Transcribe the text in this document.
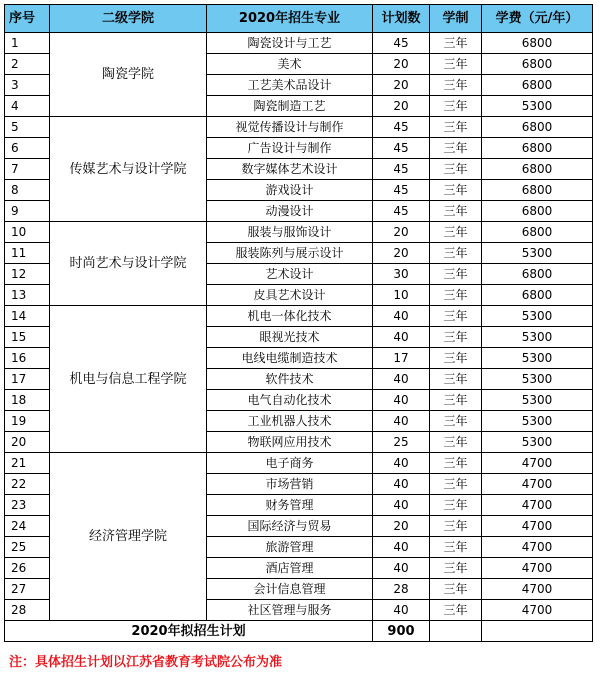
序号	二级学院	2020年招生专业	计划数	学制	学费（元/年）
1	陶瓷学院	陶瓷设计与工艺	45	三年	6800
2		美术	20	三年	6800
3		工艺美术品设计	20	三年	6800
4		陶瓷制造工艺	20	三年	5300
5	传媒艺术与设计学院	视觉传播设计与制作	45	三年	6800
6		广告设计与制作	45	三年	6800
7		数字媒体艺术设计	45	三年	6800
8		游戏设计	45	三年	6800
9		动漫设计	45	三年	6800
10	时尚艺术与设计学院	服装与服饰设计	20	三年	6800
11		服装陈列与展示设计	20	三年	5300
12		艺术设计	30	三年	6800
13		皮具艺术设计	10	三年	6800
14	机电与信息工程学院	机电一体化技术	40	三年	5300
15		眼视光技术	40	三年	5300
16		电线电缆制造技术	17	三年	5300
17		软件技术	40	三年	5300
18		电气自动化技术	40	三年	5300
19		工业机器人技术	40	三年	5300
20		物联网应用技术	25	三年	5300
21	经济管理学院	电子商务	40	三年	4700
22		市场营销	40	三年	4700
23		财务管理	40	三年	4700
24		国际经济与贸易	20	三年	4700
25		旅游管理	40	三年	4700
26		酒店管理	40	三年	4700
27		会计信息管理	28	三年	4700
28		社区管理与服务	40	三年	4700
2020年拟招生计划			900		
注：具体招生计划以江苏省教育考试院公布为准
